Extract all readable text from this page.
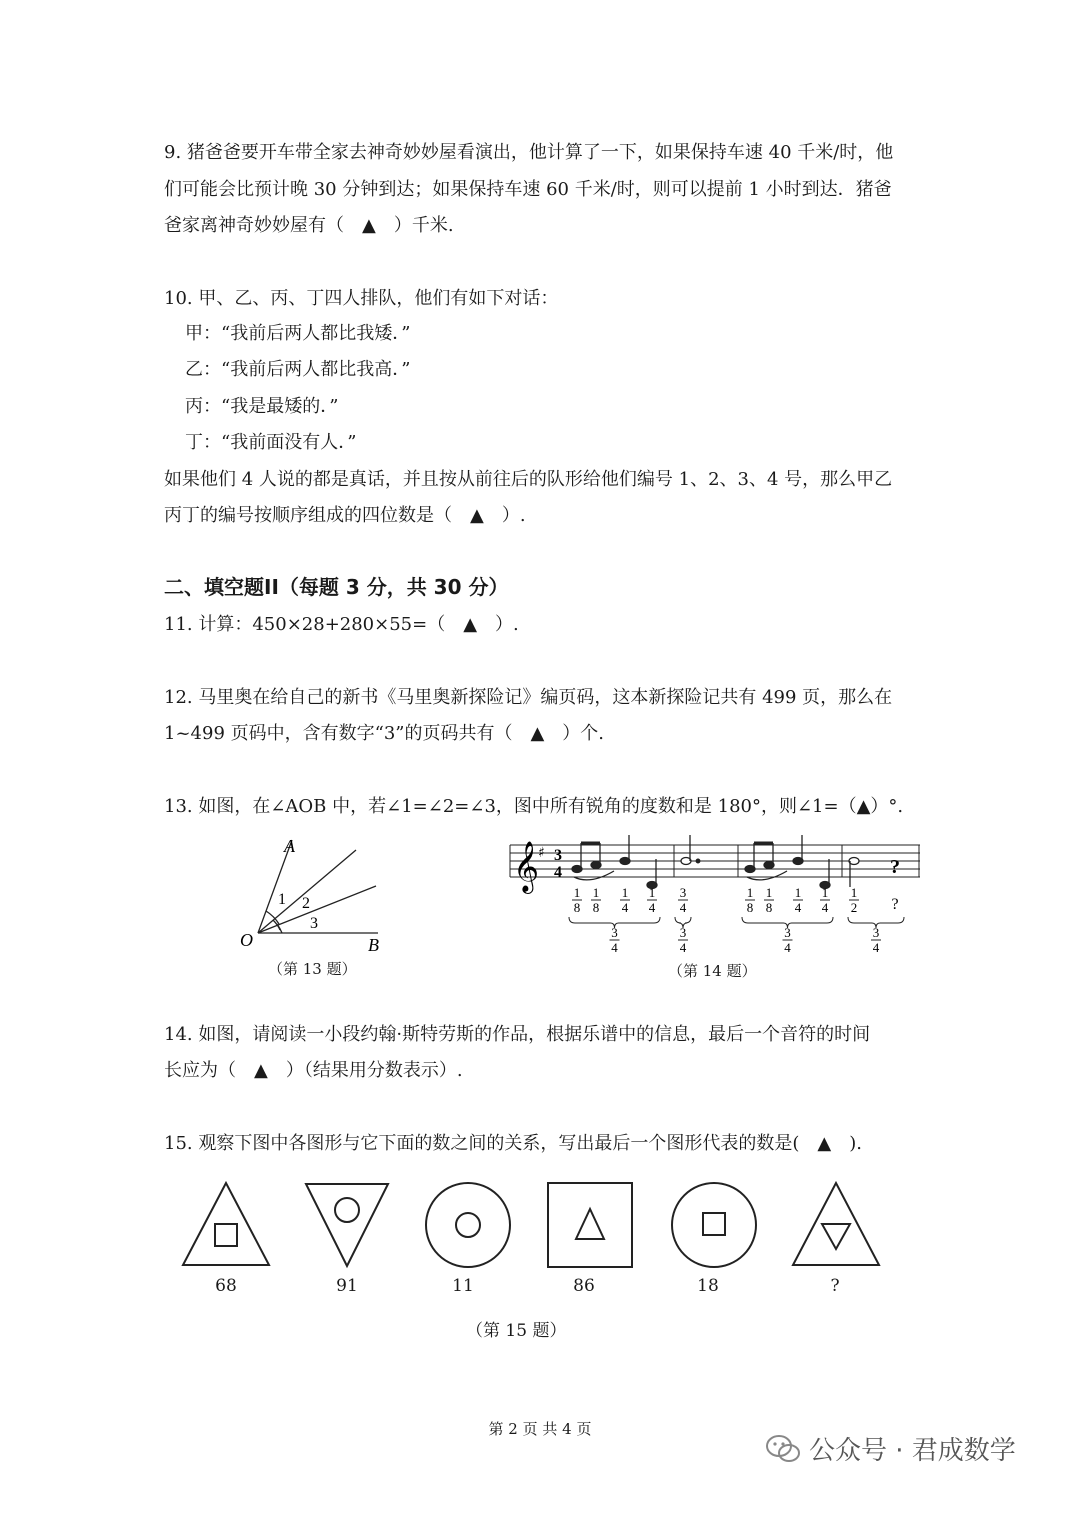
9. 猪爸爸要开车带全家去神奇妙妙屋看演出，他计算了一下，如果保持车速 40 千米/时，他
们可能会比预计晚 30 分钟到达；如果保持车速 60 千米/时，则可以提前 1 小时到达．猪爸
爸家离神奇妙妙屋有（　▲　）千米.
10. 甲、乙、丙、丁四人排队，他们有如下对话：
甲：“我前后两人都比我矮．”
乙：“我前后两人都比我高．”
丙：“我是最矮的．”
丁：“我前面没有人．”
如果他们 4 人说的都是真话，并且按从前往后的队形给他们编号 1、2、3、4 号，那么甲乙
丙丁的编号按顺序组成的四位数是（　▲　）.
二、填空题II（每题 3 分，共 30 分）
11. 计算：450×28+280×55=（　▲　）.
12. 马里奥在给自己的新书《马里奥新探险记》编页码，这本新探险记共有 499 页，那么在
1~499 页码中，含有数字“3”的页码共有（　▲　）个.
13. 如图，在∠AOB 中，若∠1=∠2=∠3，图中所有锐角的度数和是 180°，则∠1=（▲）°.
A
O	B
1 2
3
（第 13 题）
𝄞
♯ 3
4	?
1
8
1
8
1
4
1
4
3
4
3
4
3
4
1
8
1
8
1
4
1
4
3
4
1
2 ?
3
4
（第 14 题）
14. 如图，请阅读一小段约翰·斯特劳斯的作品，根据乐谱中的信息，最后一个音符的时间
长应为（　▲　）（结果用分数表示）.
15. 观察下图中各图形与它下面的数之间的关系，写出最后一个图形代表的数是(　▲　).
68	91	11	86	18	?
（第 15 题）
第 2 页 共 4 页
公众号 · 君成数学
